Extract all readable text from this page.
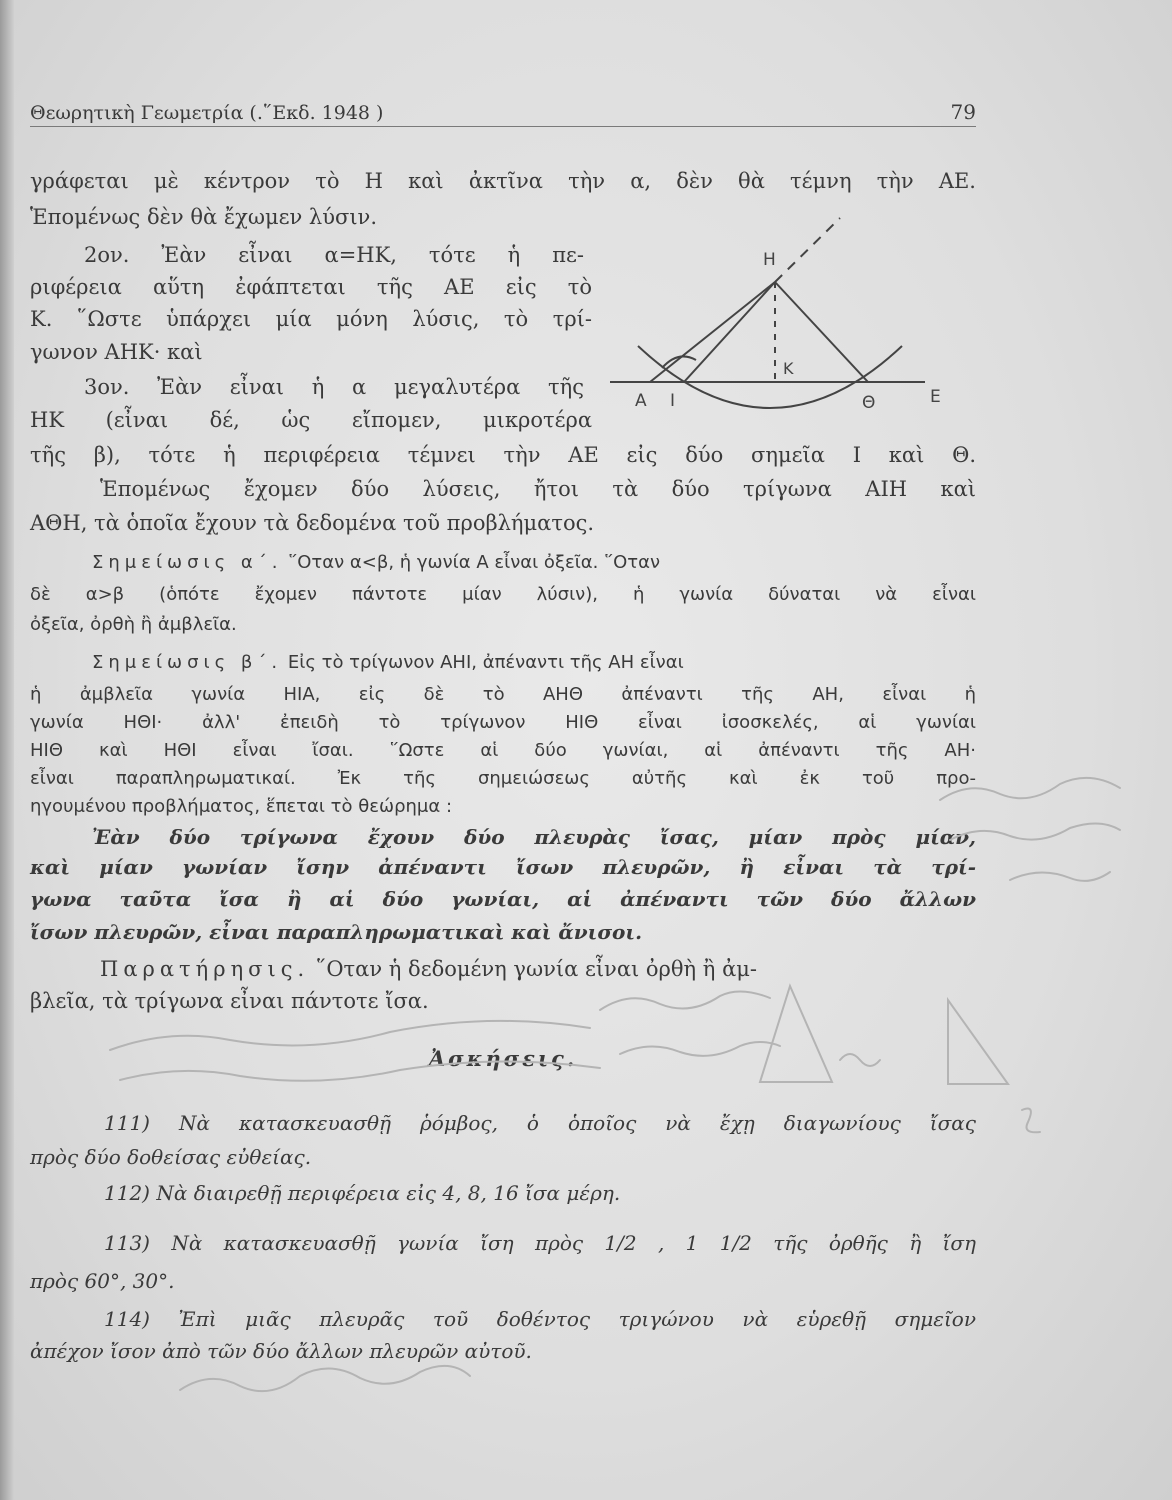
Θεωρητικὴ Γεωμετρία (.῞Εκδ. 1948 )	79
γράφεται μὲ κέντρον τὸ Η καὶ ἀκτῖνα τὴν α, δὲν θὰ τέμνη τὴν ΑΕ.
Ἑπομένως δὲν θὰ ἔχωμεν λύσιν.
2ον. Ἐὰν εἶναι α=ΗΚ, τότε ἡ πε-
ριφέρεια αὕτη ἐφάπτεται τῆς ΑΕ εἰς τὸ
Κ. ῞Ωστε ὑπάρχει μία μόνη λύσις, τὸ τρί-
γωνον ΑΗΚ· καὶ
3ον. Ἐὰν εἶναι ἡ α μεγαλυτέρα τῆς
ΗΚ (εἶναι δέ, ὡς εἴπομεν, μικροτέρα
τῆς β), τότε ἡ περιφέρεια τέμνει τὴν ΑΕ εἰς δύο σημεῖα Ι καὶ Θ.
Ἑπομένως ἔχομεν δύο λύσεις, ἤτοι τὰ δύο τρίγωνα ΑΙΗ καὶ
ΑΘΗ, τὰ ὁποῖα ἔχουν τὰ δεδομένα τοῦ προβλήματος.
Η
Κ
Α Ι	Θ	Ε
Σημείωσις α΄. ῞Οταν α<β, ἡ γωνία Α εἶναι ὀξεῖα. ῞Οταν
δὲ α>β (ὁπότε ἔχομεν πάντοτε μίαν λύσιν), ἡ γωνία δύναται νὰ εἶναι
ὀξεῖα, ὀρθὴ ἢ ἀμβλεῖα.
Σημείωσις β΄. Εἰς τὸ τρίγωνον ΑΗΙ, ἀπέναντι τῆς ΑΗ εἶναι
ἡ ἀμβλεῖα γωνία ΗΙΑ, εἰς δὲ τὸ ΑΗΘ ἀπέναντι τῆς ΑΗ, εἶναι ἡ
γωνία ΗΘΙ· ἀλλ' ἐπειδὴ τὸ τρίγωνον ΗΙΘ εἶναι ἰσοσκελές, αἱ γωνίαι
ΗΙΘ καὶ ΗΘΙ εἶναι ἴσαι. ῞Ωστε αἱ δύο γωνίαι, αἱ ἀπέναντι τῆς ΑΗ·
εἶναι παραπληρωματικαί. Ἐκ τῆς σημειώσεως αὐτῆς καὶ ἐκ τοῦ προ-
ηγουμένου προβλήματος, ἕπεται τὸ θεώρημα :
Ἐὰν δύο τρίγωνα ἔχουν δύο πλευρὰς ἴσας, μίαν πρὸς μίαν,
καὶ μίαν γωνίαν ἴσην ἀπέναντι ἴσων πλευρῶν, ἢ εἶναι τὰ τρί-
γωνα ταῦτα ἴσα ἢ αἱ δύο γωνίαι, αἱ ἀπέναντι τῶν δύο ἄλλων
ἴσων πλευρῶν, εἶναι παραπληρωματικαὶ καὶ ἄνισοι.
Παρατήρησις. ῞Οταν ἡ δεδομένη γωνία εἶναι ὀρθὴ ἢ ἀμ-
βλεῖα, τὰ τρίγωνα εἶναι πάντοτε ἴσα.
Ἀσκήσεις.
111) Νὰ κατασκευασθῇ ῥόμβος, ὁ ὁποῖος νὰ ἔχῃ διαγωνίους ἴσας
πρὸς δύο δοθείσας εὐθείας.
112) Νὰ διαιρεθῇ περιφέρεια εἰς 4, 8, 16 ἴσα μέρη.
113) Νὰ κατασκευασθῇ γωνία ἴση πρὸς 1/2 , 1 1/2 τῆς ὀρθῆς ἢ ἴση
πρὸς 60°, 30°.
114) Ἐπὶ μιᾶς πλευρᾶς τοῦ δοθέντος τριγώνου νὰ εὑρεθῇ σημεῖον
ἀπέχον ἴσον ἀπὸ τῶν δύο ἄλλων πλευρῶν αὐτοῦ.
